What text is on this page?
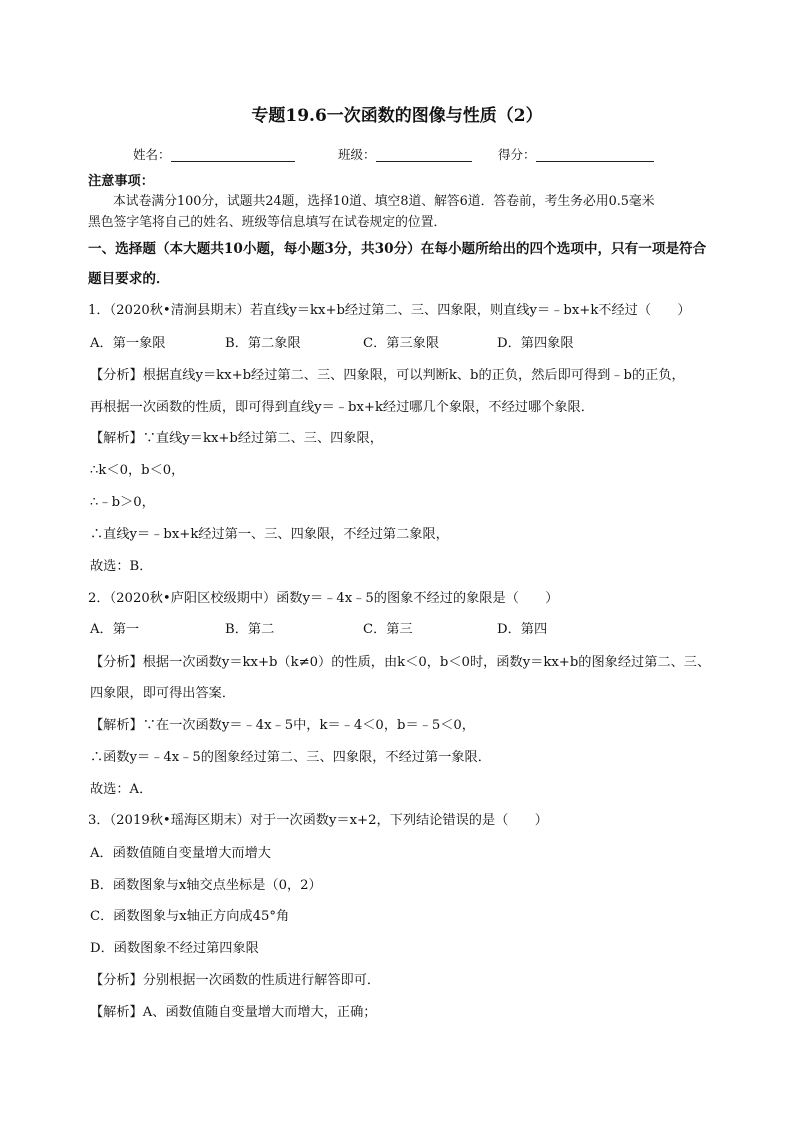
专题19.6一次函数的图像与性质（2）
姓名：	班级：	得分：
注意事项：
本试卷满分100分，试题共24题，选择10道、填空8道、解答6道．答卷前，考生务必用0.5毫米
黑色签字笔将自己的姓名、班级等信息填写在试卷规定的位置．
一、选择题（本大题共10小题，每小题3分，共30分）在每小题所给出的四个选项中，只有一项是符合
题目要求的．
1．（2020秋•清涧县期末）若直线y＝kx+b经过第二、三、四象限，则直线y＝﹣bx+k不经过（　　）
A．第一象限	B．第二象限	C．第三象限	D．第四象限
【分析】根据直线y＝kx+b经过第二、三、四象限，可以判断k、b的正负，然后即可得到﹣b的正负，
再根据一次函数的性质，即可得到直线y＝﹣bx+k经过哪几个象限，不经过哪个象限．
【解析】∵直线y＝kx+b经过第二、三、四象限，
∴k＜0，b＜0，
∴﹣b＞0，
∴直线y＝﹣bx+k经过第一、三、四象限，不经过第二象限，
故选：B．
2．（2020秋•庐阳区校级期中）函数y＝﹣4x﹣5的图象不经过的象限是（　　）
A．第一	B．第二	C．第三	D．第四
【分析】根据一次函数y＝kx+b（k≠0）的性质，由k＜0，b＜0时，函数y＝kx+b的图象经过第二、三、
四象限，即可得出答案．
【解析】∵在一次函数y＝﹣4x﹣5中，k＝﹣4＜0，b＝﹣5＜0，
∴函数y＝﹣4x﹣5的图象经过第二、三、四象限，不经过第一象限．
故选：A．
3．（2019秋•瑶海区期末）对于一次函数y＝x+2，下列结论错误的是（　　）
A．函数值随自变量增大而增大
B．函数图象与x轴交点坐标是（0，2）
C．函数图象与x轴正方向成45°角
D．函数图象不经过第四象限
【分析】分别根据一次函数的性质进行解答即可．
【解析】A、函数值随自变量增大而增大，正确；
